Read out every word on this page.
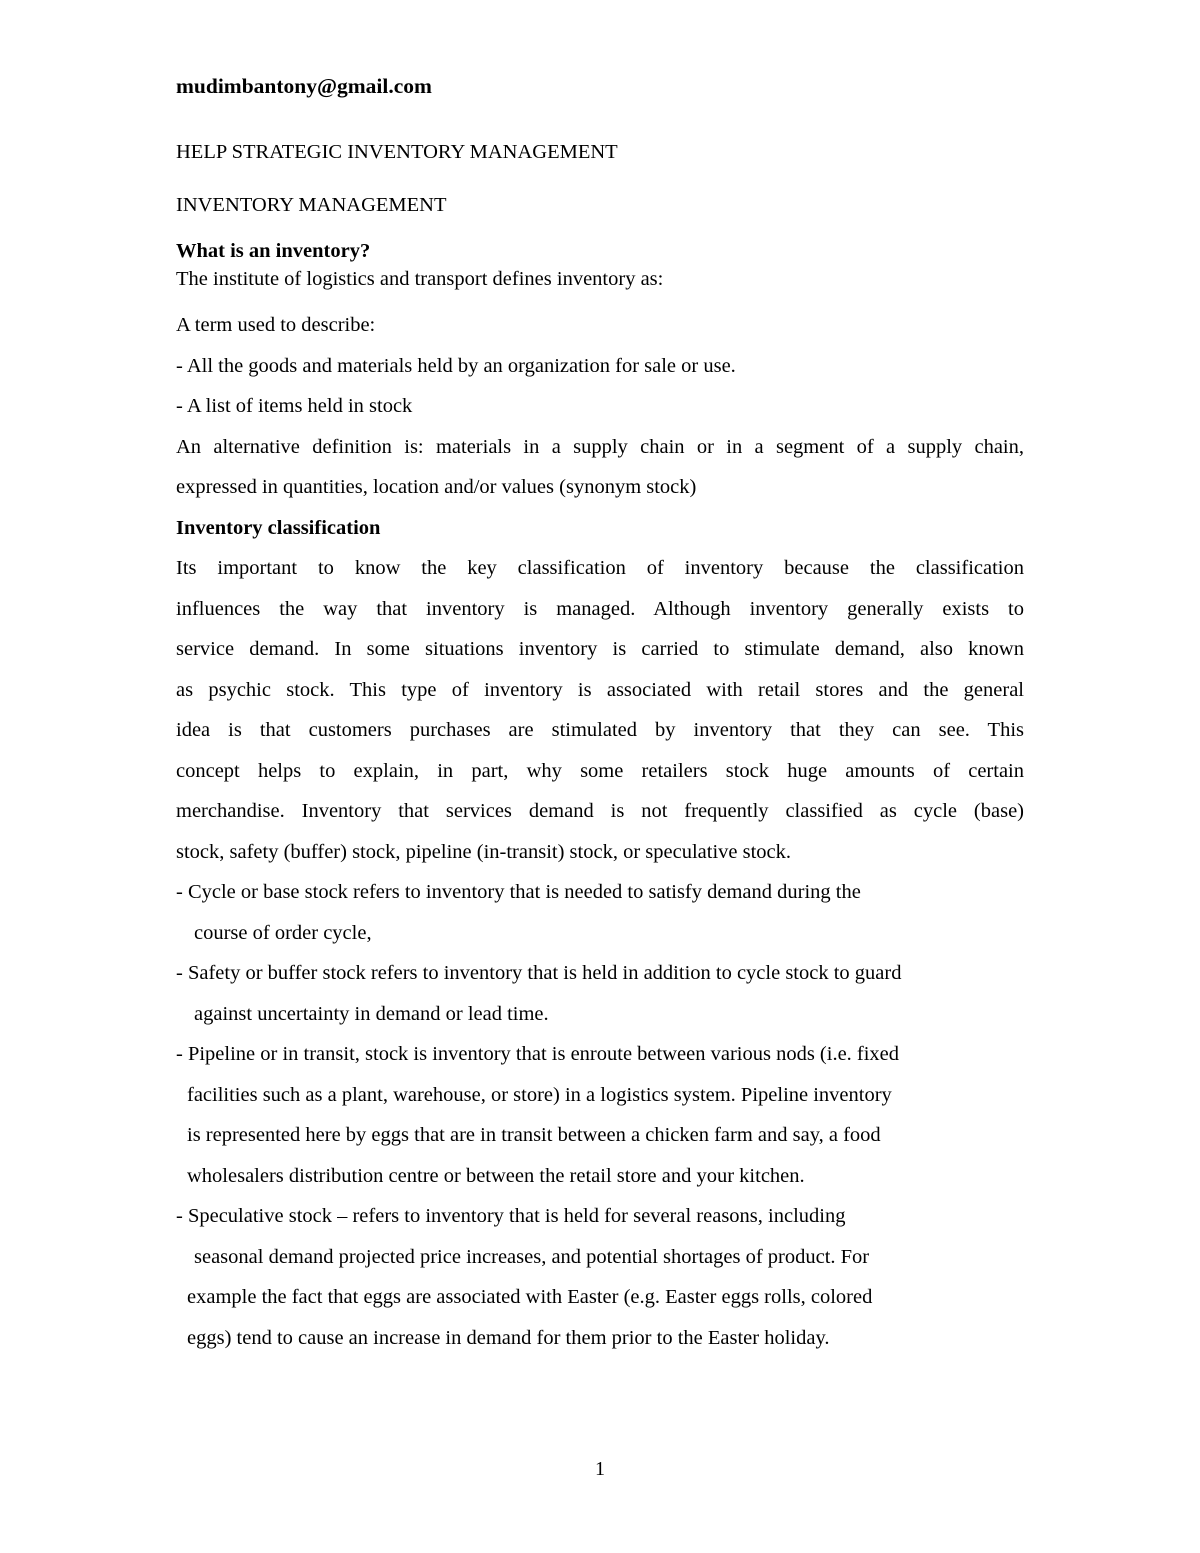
mudimbantony@gmail.com
HELP STRATEGIC INVENTORY MANAGEMENT
INVENTORY MANAGEMENT
What is an inventory?
The institute of logistics and transport defines inventory as:
A term used to describe:
- All the goods and materials held by an organization for sale or use.
- A list of items held in stock
An alternative definition is: materials in a supply chain or in a segment of a supply chain,
expressed in quantities, location and/or values (synonym stock)
Inventory classification
Its important to know the key classification of inventory because the classification
influences the way that inventory is managed. Although inventory generally exists to
service demand. In some situations inventory is carried to stimulate demand, also known
as psychic stock. This type of inventory is associated with retail stores and the general
idea is that customers purchases are stimulated by inventory that they can see. This
concept helps to explain, in part, why some retailers stock huge amounts of certain
merchandise. Inventory that services demand is not frequently classified as cycle (base)
stock, safety (buffer) stock, pipeline (in-transit) stock, or speculative stock.
- Cycle or base stock refers to inventory that is needed to satisfy demand during the
course of order cycle,
- Safety or buffer stock refers to inventory that is held in addition to cycle stock to guard
against uncertainty in demand or lead time.
- Pipeline or in transit, stock is inventory that is enroute between various nods (i.e. fixed
facilities such as a plant, warehouse, or store) in a logistics system. Pipeline inventory
is represented here by eggs that are in transit between a chicken farm and say, a food
wholesalers distribution centre or between the retail store and your kitchen.
- Speculative stock – refers to inventory that is held for several reasons, including
seasonal demand projected price increases, and potential shortages of product. For
example the fact that eggs are associated with Easter (e.g. Easter eggs rolls, colored
eggs) tend to cause an increase in demand for them prior to the Easter holiday.
1
